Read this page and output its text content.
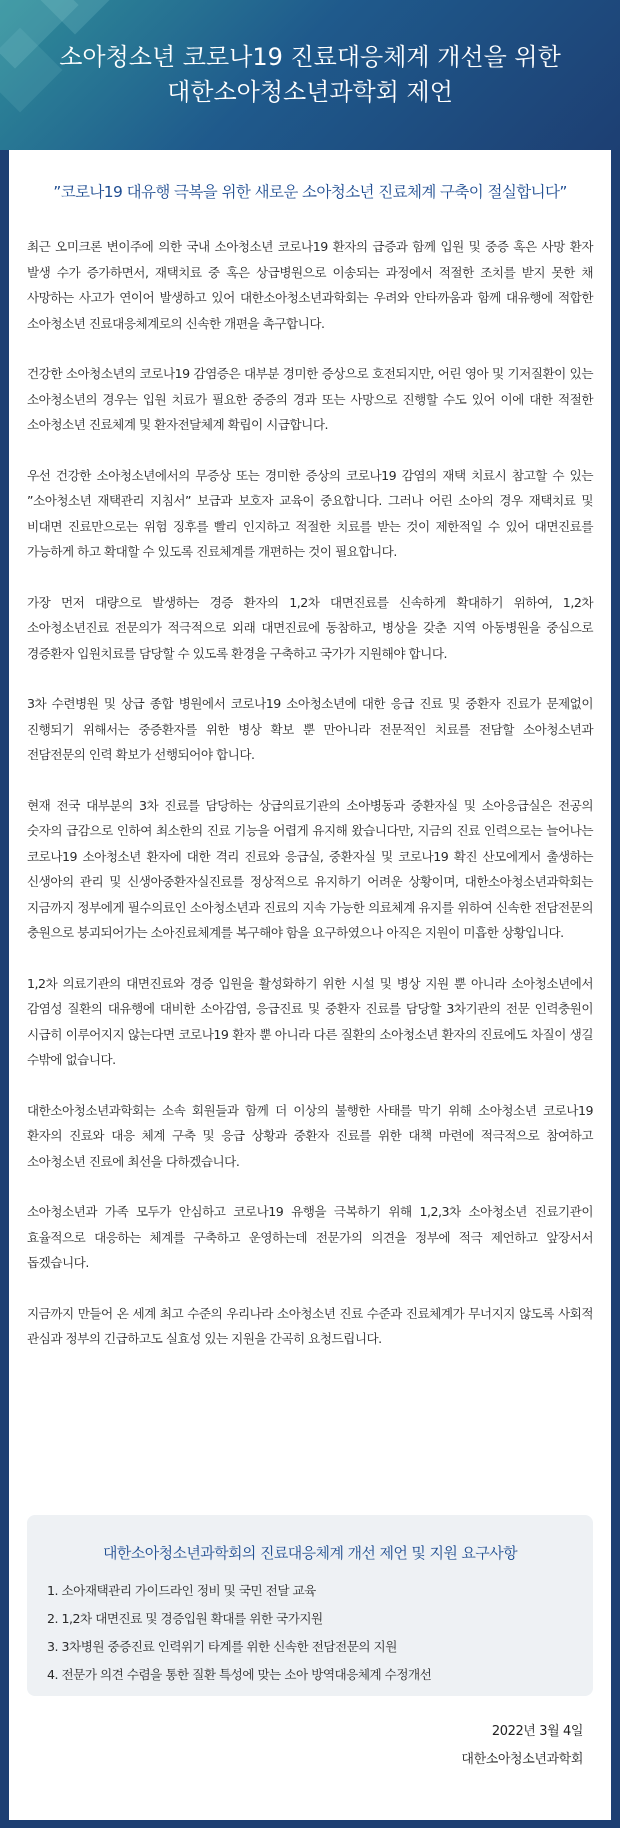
소아청소년 코로나19 진료대응체계 개선을 위한
대한소아청소년과학회 제언
”코로나19 대유행 극복을 위한 새로운 소아청소년 진료체계 구축이 절실합니다”

최근 오미크론 변이주에 의한 국내 소아청소년 코로나19 환자의 급증과 함께 입원 및 중증 혹은 사망 환자 발생 수가 증가하면서, 재택치료 중 혹은 상급병원으로 이송되는 과정에서 적절한 조치를 받지 못한 채 사망하는 사고가 연이어 발생하고 있어 대한소아청소년과학회는 우려와 안타까움과 함께 대유행에 적합한 소아청소년 진료대응체계로의 신속한 개편을 촉구합니다.

건강한 소아청소년의 코로나19 감염증은 대부분 경미한 증상으로 호전되지만, 어린 영아 및 기저질환이 있는 소아청소년의 경우는 입원 치료가 필요한 중증의 경과 또는 사망으로 진행할 수도 있어 이에 대한 적절한 소아청소년 진료체계 및 환자전달체계 확립이 시급합니다.

우선 건강한 소아청소년에서의 무증상 또는 경미한 증상의 코로나19 감염의 재택 치료시 참고할 수 있는 ”소아청소년 재택관리 지침서” 보급과 보호자 교육이 중요합니다. 그러나 어린 소아의 경우 재택치료 및 비대면 진료만으로는 위험 징후를 빨리 인지하고 적절한 치료를 받는 것이 제한적일 수 있어 대면진료를 가능하게 하고 확대할 수 있도록 진료체계를 개편하는 것이 필요합니다.

가장 먼저 대량으로 발생하는 경증 환자의 1,2차 대면진료를 신속하게 확대하기 위하여, 1,2차 소아청소년진료 전문의가 적극적으로 외래 대면진료에 동참하고, 병상을 갖춘 지역 아동병원을 중심으로 경증환자 입원치료를 담당할 수 있도록 환경을 구축하고 국가가 지원해야 합니다.

3차 수련병원 및 상급 종합 병원에서 코로나19 소아청소년에 대한 응급 진료 및 중환자 진료가 문제없이 진행되기 위해서는 중증환자를 위한 병상 확보 뿐 만아니라 전문적인 치료를 전담할 소아청소년과 전담전문의 인력 확보가 선행되어야 합니다.

현재 전국 대부분의 3차 진료를 담당하는 상급의료기관의 소아병동과 중환자실 및 소아응급실은 전공의 숫자의 급감으로 인하여 최소한의 진료 기능을 어렵게 유지해 왔습니다만, 지금의 진료 인력으로는 늘어나는 코로나19 소아청소년 환자에 대한 격리 진료와 응급실, 중환자실 및 코로나19 확진 산모에게서 출생하는 신생아의 관리 및 신생아중환자실진료를 정상적으로 유지하기 어려운 상황이며, 대한소아청소년과학회는 지금까지 정부에게 필수의료인 소아청소년과 진료의 지속 가능한 의료체계 유지를 위하여 신속한 전담전문의 충원으로 붕괴되어가는 소아진료체계를 복구해야 함을 요구하였으나 아직은 지원이 미흡한 상황입니다.

1,2차 의료기관의 대면진료와 경증 입원을 활성화하기 위한 시설 및 병상 지원 뿐 아니라 소아청소년에서 감염성 질환의 대유행에 대비한 소아감염, 응급진료 및 중환자 진료를 담당할 3차기관의 전문 인력충원이 시급히 이루어지지 않는다면 코로나19 환자 뿐 아니라 다른 질환의 소아청소년 환자의 진료에도 차질이 생길 수밖에 없습니다.

대한소아청소년과학회는 소속 회원들과 함께 더 이상의 불행한 사태를 막기 위해 소아청소년 코로나19 환자의 진료와 대응 체계 구축 및 응급 상황과 중환자 진료를 위한 대책 마련에 적극적으로 참여하고 소아청소년 진료에 최선을 다하겠습니다.

소아청소년과 가족 모두가 안심하고 코로나19 유행을 극복하기 위해 1,2,3차 소아청소년 진료기관이 효율적으로 대응하는 체계를 구축하고 운영하는데 전문가의 의견을 정부에 적극 제언하고 앞장서서 돕겠습니다.

지금까지 만들어 온 세계 최고 수준의 우리나라 소아청소년 진료 수준과 진료체계가 무너지지 않도록 사회적 관심과 정부의 긴급하고도 실효성 있는 지원을 간곡히 요청드립니다.

대한소아청소년과학회의 진료대응체계 개선 제언 및 지원 요구사항
1. 소아재택관리 가이드라인 정비 및 국민 전달 교육
2. 1,2차 대면진료 및 경증입원 확대를 위한 국가지원
3. 3차병원 중증진료 인력위기 타계를 위한 신속한 전담전문의 지원
4. 전문가 의견 수렴을 통한 질환 특성에 맞는 소아 방역대응체계 수정개선
2022년 3월 4일
대한소아청소년과학회
